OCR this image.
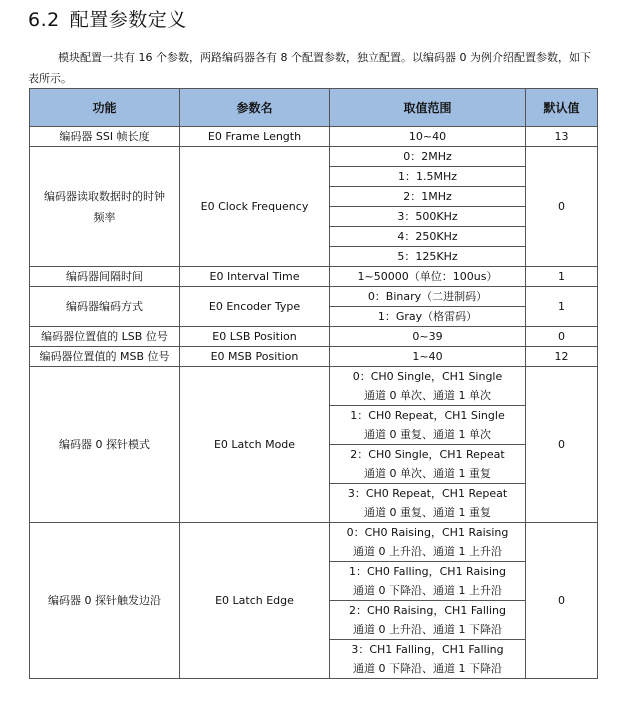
6.2 配置参数定义

模块配置一共有 16 个参数，两路编码器各有 8 个配置参数，独立配置。以编码器 0 为例介绍配置参数，如下表所示。

功能	参数名	取值范围	默认值
编码器 SSI 帧长度	E0 Frame Length	10~40	13

编码器读取数据时的时钟频率	E0 Clock Frequency	0：2MHz	0
		1：1.5MHz	
		2：1MHz	
		3：500KHz	
		4：250KHz	
		5：125KHz	
编码器间隔时间	E0 Interval Time	1~50000（单位：100us）	1
编码器编码方式	E0 Encoder Type	0：Binary（二进制码）	1
		1：Gray（格雷码）	
编码器位置值的 LSB 位号	E0 LSB Position	0~39	0
编码器位置值的 MSB 位号	E0 MSB Position	1~40	12
编码器 0 探针模式	E0 Latch Mode	0：CH0 Single，CH1 Single
通道 0 单次、通道 1 单次	0

		1：CH0 Repeat，CH1 Single
通道 0 重复、通道 1 单次	

		2：CH0 Single，CH1 Repeat
通道 0 单次、通道 1 重复	

		3：CH0 Repeat，CH1 Repeat
通道 0 重复、通道 1 重复	

编码器 0 探针触发边沿	E0 Latch Edge	0：CH0 Raising，CH1 Raising
通道 0 上升沿、通道 1 上升沿	0

		1：CH0 Falling，CH1 Raising
通道 0 下降沿、通道 1 上升沿	

		2：CH0 Raising，CH1 Falling
通道 0 上升沿、通道 1 下降沿	

		3：CH1 Falling，CH1 Falling
通道 0 下降沿、通道 1 下降沿	
